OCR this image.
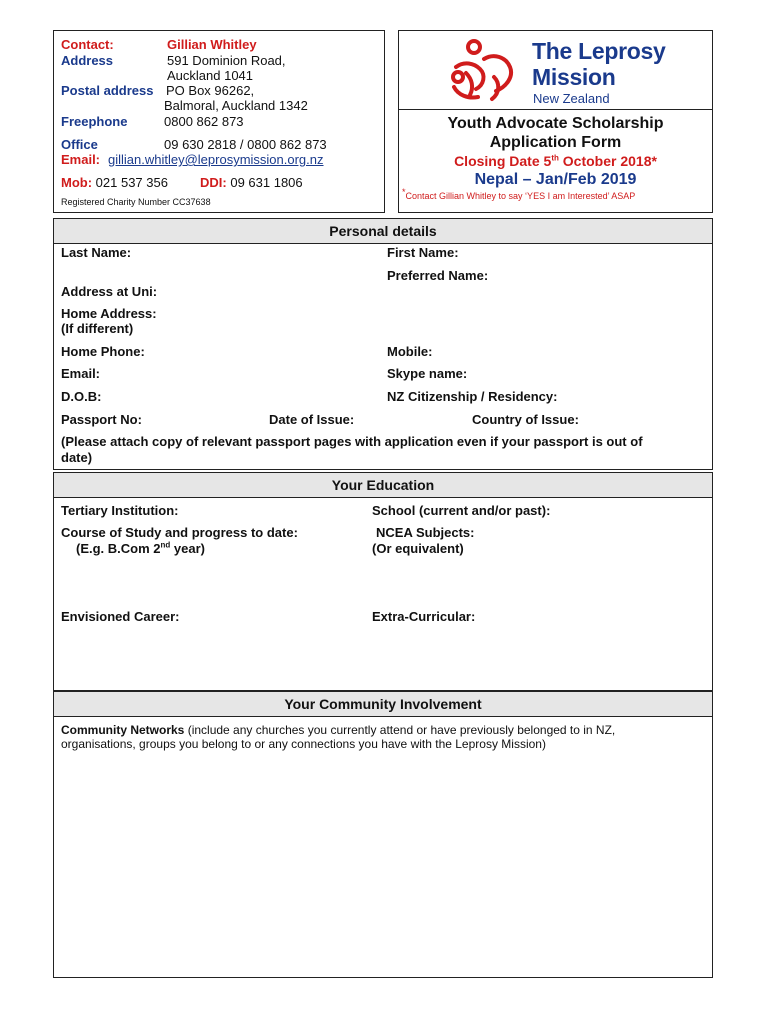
Contact:	Gillian Whitley
Address	591 Dominion Road,
Auckland 1041
Postal address PO Box 96262,
Balmoral, Auckland 1342
Freephone	0800 862 873
Office	09 630 2818 / 0800 862 873
Email: gillian.whitley@leprosymission.org.nz
Mob: 021 537 356 DDI: 09 631 1806
Registered Charity Number CC37638
The Leprosy
Mission
New Zealand
Youth Advocate Scholarship
Application Form
Closing Date 5th October 2018*
Nepal – Jan/Feb 2019
*Contact Gillian Whitley to say ‘YES I am Interested’ ASAP
Personal details
Last Name:	First Name:
Preferred Name:
Address at Uni:
Home Address:
(If different)
Home Phone:	Mobile:
Email:	Skype name:
D.O.B:	NZ Citizenship / Residency:
Passport No:	Date of Issue:	Country of Issue:
(Please attach copy of relevant passport pages with application even if your passport is out of
date)
Your Education
Tertiary Institution:	School (current and/or past):
Course of Study and progress to date:
(E.g. B.Com 2nd year)
NCEA Subjects:
(Or equivalent)
Envisioned Career:	Extra-Curricular:
Your Community Involvement
Community Networks (include any churches you currently attend or have previously belonged to in NZ,
organisations, groups you belong to or any connections you have with the Leprosy Mission)
